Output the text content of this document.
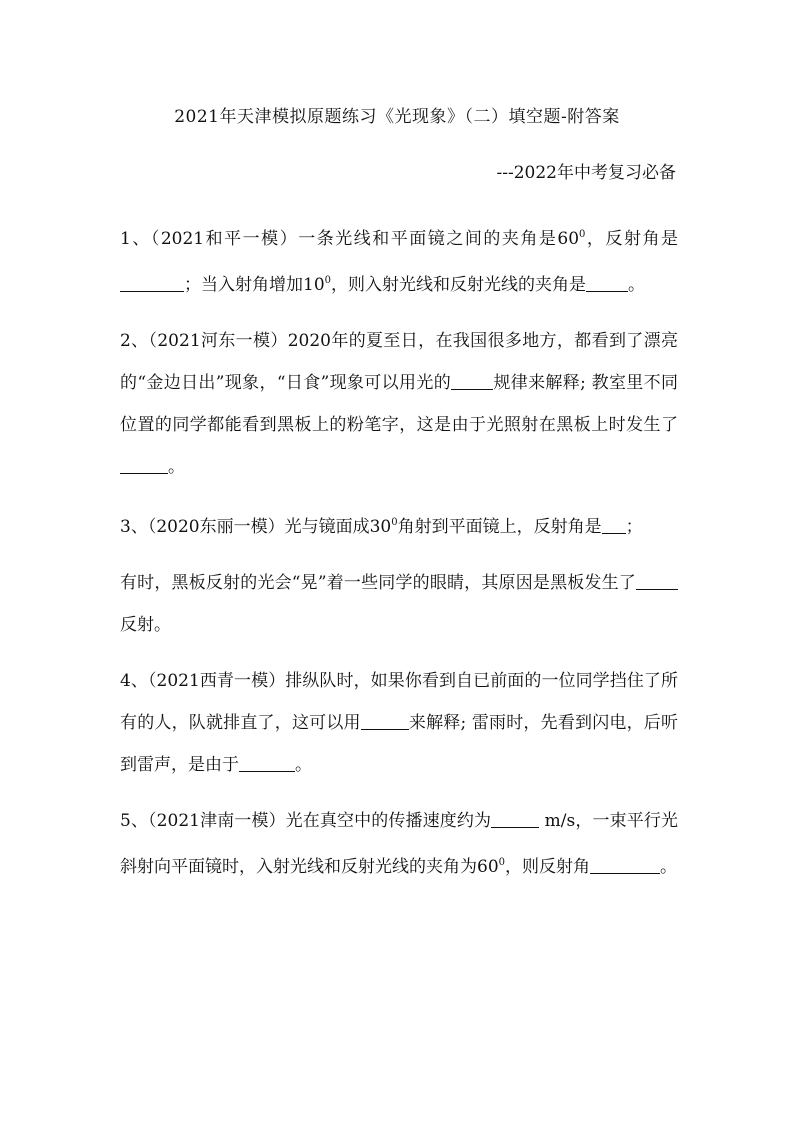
2021年天津模拟原题练习《光现象》（二）填空题-附答案
---2022年中考复习必备

1、（2021和平一模）一条光线和平面镜之间的夹角是$60^0$，反射角是；当入射角增加$10^0$，则入射光线和反射光线的夹角是 。

2、（2021河东一模）2020年的夏至日，在我国很多地方，都看到了漂亮的“金边日出”现象，“日食”现象可以用光的 规律来解释; 教室里不同位置的同学都能看到黑板上的粉笔字，这是由于光照射在黑板上时发生了。

3、（2020东丽一模）光与镜面成$30^0$角射到平面镜上，反射角是 ；

有时，黑板反射的光会“晃”着一些同学的眼睛，其原因是黑板发生了反射。

4、（2021西青一模）排纵队时，如果你看到自已前面的一位同学挡住了所有的人，队就排直了，这可以用	来解释; 雷雨时，先看到闪电，后听到雷声，是由于	。

5、（2021津南一模）光在真空中的传播速度约为	m/s，一束平行光斜射向平面镜时，入射光线和反射光线的夹角为$60^0$，则反射角	。
